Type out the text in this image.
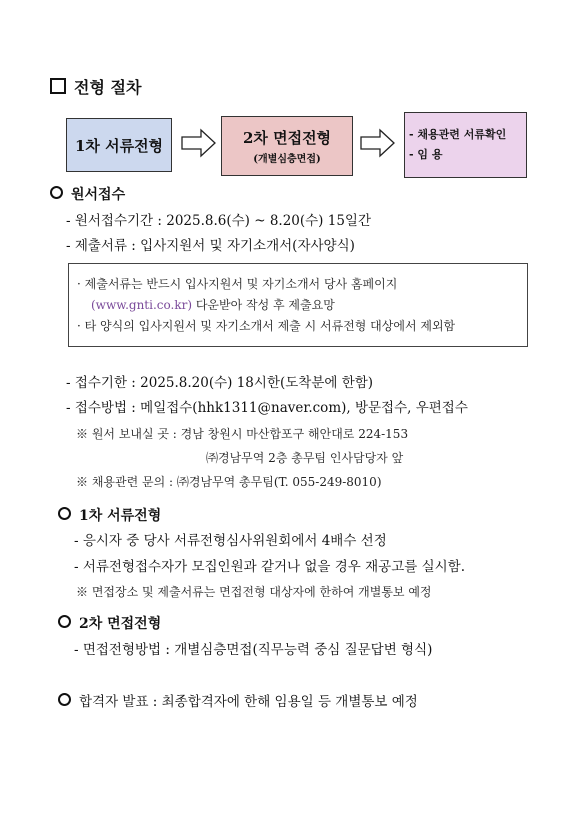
전형 절차
1차 서류전형	2차 면접전형
(개별심층면접)
- 채용관련 서류확인
- 임 용
원서접수
- 원서접수기간 : 2025.8.6(수) ~ 8.20(수) 15일간
- 제출서류 : 입사지원서 및 자기소개서(자사양식)
· 제출서류는 반드시 입사지원서 및 자기소개서 당사 홈페이지
(www.gnti.co.kr) 다운받아 작성 후 제출요망
· 타 양식의 입사지원서 및 자기소개서 제출 시 서류전형 대상에서 제외함
- 접수기한 : 2025.8.20(수) 18시한(도착분에 한함)
- 접수방법 : 메일접수(hhk1311@naver.com), 방문접수, 우편접수
※ 원서 보내실 곳 : 경남 창원시 마산합포구 해안대로 224-153
㈜경남무역 2층 총무팀 인사담당자 앞
※ 채용관련 문의 : ㈜경남무역 총무팀(T. 055-249-8010)
1차 서류전형
- 응시자 중 당사 서류전형심사위원회에서 4배수 선정
- 서류전형접수자가 모집인원과 같거나 없을 경우 재공고를 실시함.
※ 면접장소 및 제출서류는 면접전형 대상자에 한하여 개별통보 예정
2차 면접전형
- 면접전형방법 : 개별심층면접(직무능력 중심 질문답변 형식)
합격자 발표 : 최종합격자에 한해 임용일 등 개별통보 예정
